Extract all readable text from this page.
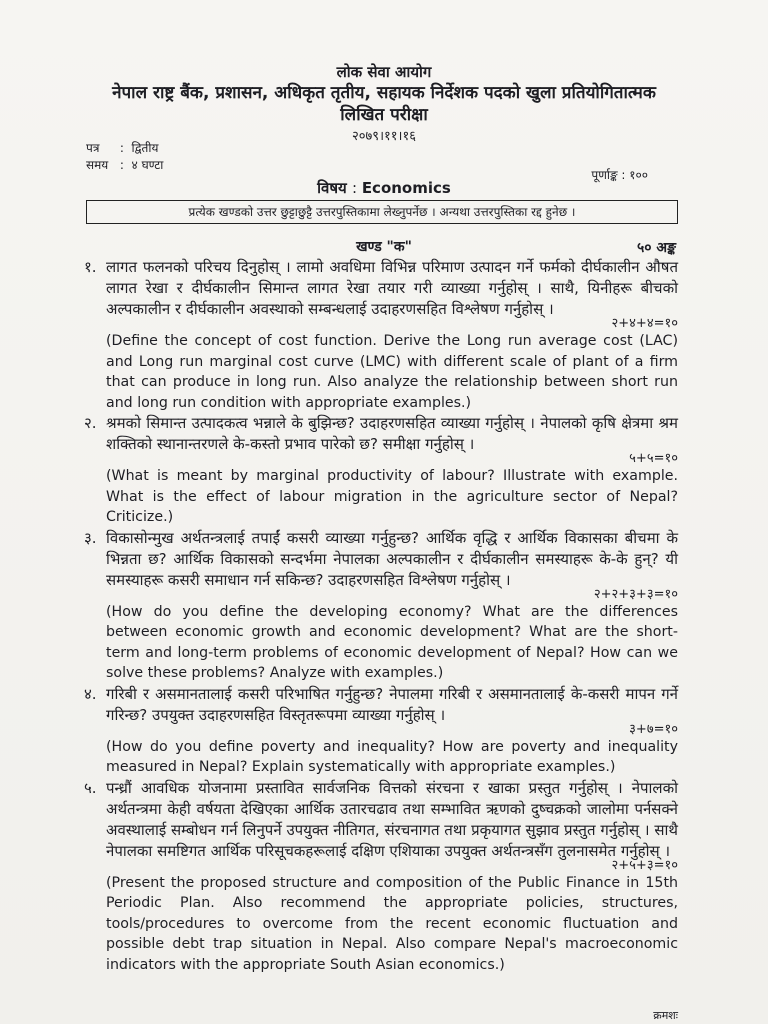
लोक सेवा आयोग
नेपाल राष्ट्र बैंक, प्रशासन, अधिकृत तृतीय, सहायक निर्देशक पदको खुला प्रतियोगितात्मक
लिखित परीक्षा
२०७९।११।१६
पत्र :  द्वितीय
समय :  ४ घण्टा
पूर्णाङ्क : १००
विषय : Economics
प्रत्येक खण्डको उत्तर छुट्टाछुट्टै उत्तरपुस्तिकामा लेख्नुपर्नेछ । अन्यथा उत्तरपुस्तिका रद्द हुनेछ ।
खण्ड "क"	५० अङ्क
१. लागत फलनको परिचय दिनुहोस् । लामो अवधिमा विभिन्न परिमाण उत्पादन गर्ने फर्मको दीर्घकालीन औषत लागत रेखा र दीर्घकालीन सिमान्त लागत रेखा तयार गरी व्याख्या गर्नुहोस् । साथै, यिनीहरू बीचको अल्पकालीन र दीर्घकालीन अवस्थाको सम्बन्धलाई उदाहरणसहित विश्लेषण गर्नुहोस् ।
२+४+४=१०
(Define the concept of cost function. Derive the Long run average cost (LAC) and Long run marginal cost curve (LMC) with different scale of plant of a firm that can produce in long run. Also analyze the relationship between short run and long run condition with appropriate examples.)
२. श्रमको सिमान्त उत्पादकत्व भन्नाले के बुझिन्छ? उदाहरणसहित व्याख्या गर्नुहोस् । नेपालको कृषि क्षेत्रमा श्रम शक्तिको स्थानान्तरणले के-कस्तो प्रभाव पारेको छ? समीक्षा गर्नुहोस् ।
५+५=१०
(What is meant by marginal productivity of labour? Illustrate with example. What is the effect of labour migration in the agriculture sector of Nepal? Criticize.)
३. विकासोन्मुख अर्थतन्त्रलाई तपाईं कसरी व्याख्या गर्नुहुन्छ? आर्थिक वृद्धि र आर्थिक विकासका बीचमा के भिन्नता छ? आर्थिक विकासको सन्दर्भमा नेपालका अल्पकालीन र दीर्घकालीन समस्याहरू के-के हुन्? यी समस्याहरू कसरी समाधान गर्न सकिन्छ? उदाहरणसहित विश्लेषण गर्नुहोस् ।
२+२+३+३=१०
(How do you define the developing economy? What are the differences between economic growth and economic development? What are the short-term and long-term problems of economic development of Nepal? How can we solve these problems? Analyze with examples.)
४. गरिबी र असमानतालाई कसरी परिभाषित गर्नुहुन्छ? नेपालमा गरिबी र असमानतालाई के-कसरी मापन गर्ने गरिन्छ? उपयुक्त उदाहरणसहित विस्तृतरूपमा व्याख्या गर्नुहोस् ।
३+७=१०
(How do you define poverty and inequality? How are poverty and inequality measured in Nepal? Explain systematically with appropriate examples.)
५. पन्ध्रौं आवधिक योजनामा प्रस्तावित सार्वजनिक वित्तको संरचना र खाका प्रस्तुत गर्नुहोस् । नेपालको अर्थतन्त्रमा केही वर्षयता देखिएका आर्थिक उतारचढाव तथा सम्भावित ऋणको दुष्चक्रको जालोमा पर्नसक्ने अवस्थालाई सम्बोधन गर्न लिनुपर्ने उपयुक्त नीतिगत, संरचनागत तथा प्रकृयागत सुझाव प्रस्तुत गर्नुहोस् । साथै नेपालका समष्टिगत आर्थिक परिसूचकहरूलाई दक्षिण एशियाका उपयुक्त अर्थतन्त्रसँग तुलनासमेत गर्नुहोस् ।
२+५+३=१०
(Present the proposed structure and composition of the Public Finance in 15th Periodic Plan. Also recommend the appropriate policies, structures, tools/procedures to overcome from the recent economic fluctuation and possible debt trap situation in Nepal. Also compare Nepal's macroeconomic indicators with the appropriate South Asian economics.)
क्रमशः
